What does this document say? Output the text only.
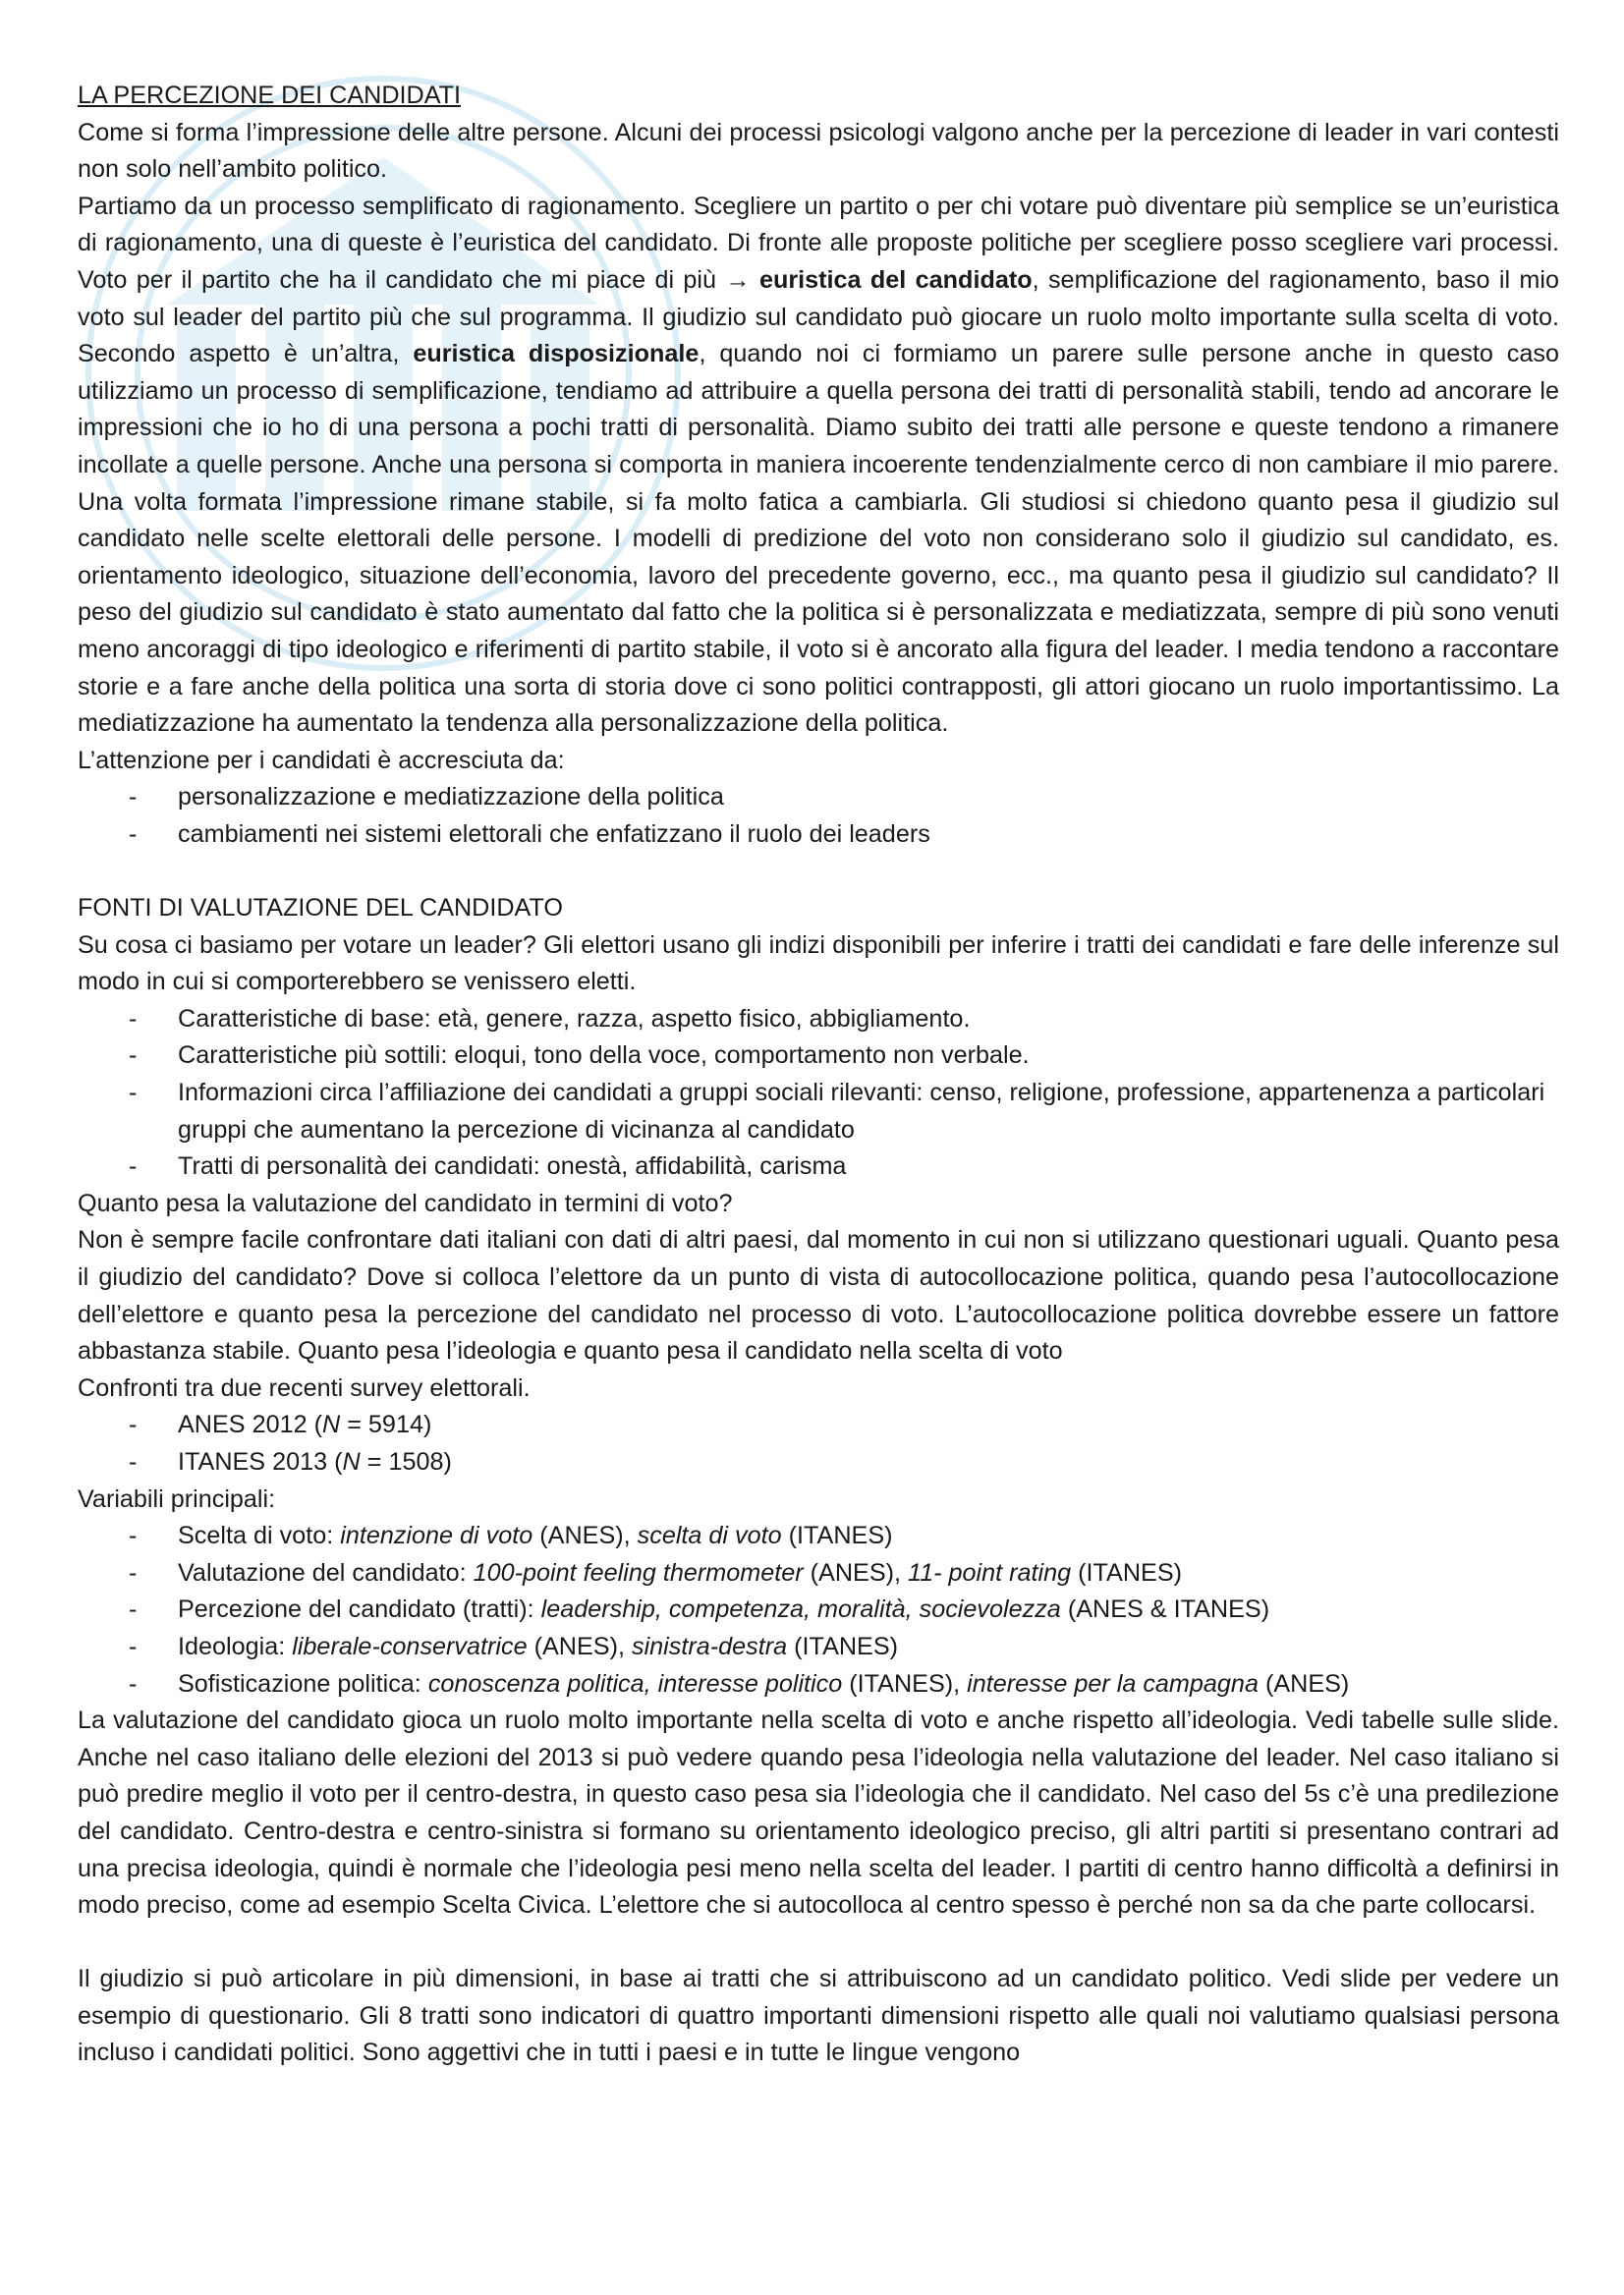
LA PERCEZIONE DEI CANDIDATI

Come si forma l’impressione delle altre persone. Alcuni dei processi psicologi valgono anche per la percezione di leader in vari contesti non solo nell’ambito politico.

Partiamo da un processo semplificato di ragionamento. Scegliere un partito o per chi votare può diventare più semplice se un’euristica di ragionamento, una di queste è l’euristica del candidato. Di fronte alle proposte politiche per scegliere posso scegliere vari processi. Voto per il partito che ha il candidato che mi piace di più → euristica del candidato, semplificazione del ragionamento, baso il mio voto sul leader del partito più che sul programma. Il giudizio sul candidato può giocare un ruolo molto importante sulla scelta di voto. Secondo aspetto è un’altra, euristica disposizionale, quando noi ci formiamo un parere sulle persone anche in questo caso utilizziamo un processo di semplificazione, tendiamo ad attribuire a quella persona dei tratti di personalità stabili, tendo ad ancorare le impressioni che io ho di una persona a pochi tratti di personalità. Diamo subito dei tratti alle persone e queste tendono a rimanere incollate a quelle persone. Anche una persona si comporta in maniera incoerente tendenzialmente cerco di non cambiare il mio parere. Una volta formata l’impressione rimane stabile, si fa molto fatica a cambiarla. Gli studiosi si chiedono quanto pesa il giudizio sul candidato nelle scelte elettorali delle persone. I modelli di predizione del voto non considerano solo il giudizio sul candidato, es. orientamento ideologico, situazione dell’economia, lavoro del precedente governo, ecc., ma quanto pesa il giudizio sul candidato? Il peso del giudizio sul candidato è stato aumentato dal fatto che la politica si è personalizzata e mediatizzata, sempre di più sono venuti meno ancoraggi di tipo ideologico e riferimenti di partito stabile, il voto si è ancorato alla figura del leader. I media tendono a raccontare storie e a fare anche della politica una sorta di storia dove ci sono politici contrapposti, gli attori giocano un ruolo importantissimo. La mediatizzazione ha aumentato la tendenza alla personalizzazione della politica.

L’attenzione per i candidati è accresciuta da:

- personalizzazione e mediatizzazione della politica
- cambiamenti nei sistemi elettorali che enfatizzano il ruolo dei leaders

FONTI DI VALUTAZIONE DEL CANDIDATO

Su cosa ci basiamo per votare un leader? Gli elettori usano gli indizi disponibili per inferire i tratti dei candidati e fare delle inferenze sul modo in cui si comporterebbero se venissero eletti.

- Caratteristiche di base: età, genere, razza, aspetto fisico, abbigliamento.
- Caratteristiche più sottili: eloqui, tono della voce, comportamento non verbale.
- Informazioni circa l’affiliazione dei candidati a gruppi sociali rilevanti: censo, religione, professione, appartenenza a particolari gruppi che aumentano la percezione di vicinanza al candidato
- Tratti di personalità dei candidati: onestà, affidabilità, carisma

Quanto pesa la valutazione del candidato in termini di voto?

Non è sempre facile confrontare dati italiani con dati di altri paesi, dal momento in cui non si utilizzano questionari uguali. Quanto pesa il giudizio del candidato? Dove si colloca l’elettore da un punto di vista di autocollocazione politica, quando pesa l’autocollocazione dell’elettore e quanto pesa la percezione del candidato nel processo di voto. L’autocollocazione politica dovrebbe essere un fattore abbastanza stabile. Quanto pesa l’ideologia e quanto pesa il candidato nella scelta di voto

Confronti tra due recenti survey elettorali.

- ANES 2012 (N = 5914)
- ITANES 2013 (N = 1508)

Variabili principali:

- Scelta di voto: intenzione di voto (ANES), scelta di voto (ITANES)
- Valutazione del candidato: 100-point feeling thermometer (ANES), 11- point rating (ITANES)
- Percezione del candidato (tratti): leadership, competenza, moralità, socievolezza (ANES & ITANES)
- Ideologia: liberale-conservatrice (ANES), sinistra-destra (ITANES)
- Sofisticazione politica: conoscenza politica, interesse politico (ITANES), interesse per la campagna (ANES)

La valutazione del candidato gioca un ruolo molto importante nella scelta di voto e anche rispetto all’ideologia. Vedi tabelle sulle slide. Anche nel caso italiano delle elezioni del 2013 si può vedere quando pesa l’ideologia nella valutazione del leader. Nel caso italiano si può predire meglio il voto per il centro-destra, in questo caso pesa sia l’ideologia che il candidato. Nel caso del 5s c’è una predilezione del candidato. Centro-destra e centro-sinistra si formano su orientamento ideologico preciso, gli altri partiti si presentano contrari ad una precisa ideologia, quindi è normale che l’ideologia pesi meno nella scelta del leader. I partiti di centro hanno difficoltà a definirsi in modo preciso, come ad esempio Scelta Civica. L’elettore che si autocolloca al centro spesso è perché non sa da che parte collocarsi.

Il giudizio si può articolare in più dimensioni, in base ai tratti che si attribuiscono ad un candidato politico. Vedi slide per vedere un esempio di questionario. Gli 8 tratti sono indicatori di quattro importanti dimensioni rispetto alle quali noi valutiamo qualsiasi persona incluso i candidati politici. Sono aggettivi che in tutti i paesi e in tutte le lingue vengono
